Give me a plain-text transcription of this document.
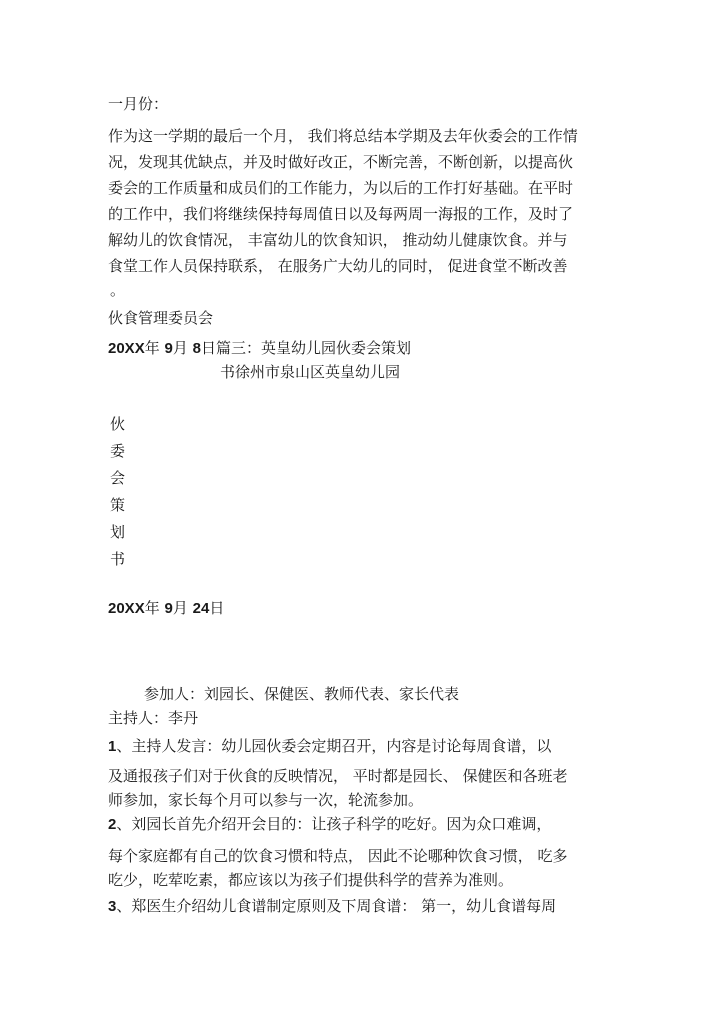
一月份：
作为这一学期的最后一个月， 我们将总结本学期及去年伙委会的工作情
况，发现其优缺点，并及时做好改正，不断完善，不断创新，以提高伙
委会的工作质量和成员们的工作能力，为以后的工作打好基础。在平时
的工作中，我们将继续保持每周值日以及每两周一海报的工作，及时了
解幼儿的饮食情况， 丰富幼儿的饮食知识， 推动幼儿健康饮食。并与
食堂工作人员保持联系， 在服务广大幼儿的同时， 促进食堂不断改善
。
伙食管理委员会
20XX年 9月 8日篇三：英皇幼儿园伙委会策划
书徐州市泉山区英皇幼儿园
伙
委
会
策
划
书
20XX年 9月 24日
参加人：刘园长、保健医、教师代表、家长代表
主持人：李丹
1、主持人发言：幼儿园伙委会定期召开，内容是讨论每周食谱，以
及通报孩子们对于伙食的反映情况， 平时都是园长、 保健医和各班老
师参加，家长每个月可以参与一次，轮流参加。
2、刘园长首先介绍开会目的：让孩子科学的吃好。因为众口难调，
每个家庭都有自己的饮食习惯和特点， 因此不论哪种饮食习惯， 吃多
吃少，吃荤吃素，都应该以为孩子们提供科学的营养为准则。
3、郑医生介绍幼儿食谱制定原则及下周食谱： 第一，幼儿食谱每周
